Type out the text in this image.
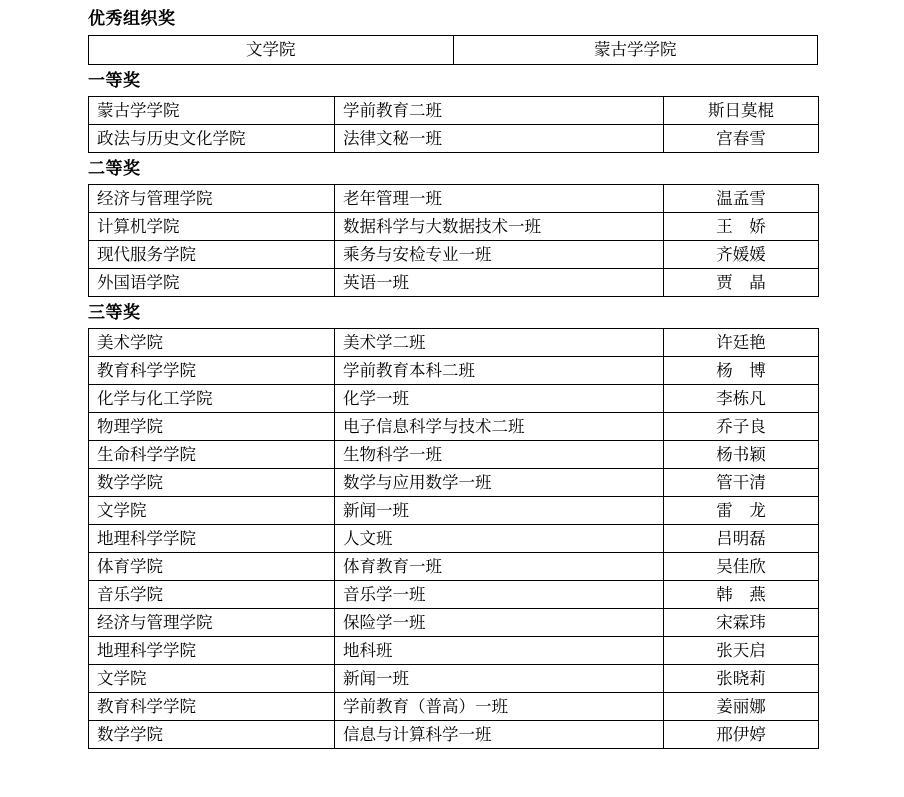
优秀组织奖
文学院	蒙古学学院
一等奖
蒙古学学院	学前教育二班	斯日莫棍
政法与历史文化学院	法律文秘一班	宫春雪
二等奖
经济与管理学院	老年管理一班	温孟雪
计算机学院	数据科学与大数据技术一班	王　娇
现代服务学院	乘务与安检专业一班	齐媛媛
外国语学院	英语一班	贾　晶
三等奖
美术学院	美术学二班	许廷艳
教育科学学院	学前教育本科二班	杨　博
化学与化工学院	化学一班	李栋凡
物理学院	电子信息科学与技术二班	乔子良
生命科学学院	生物科学一班	杨书颖
数学学院	数学与应用数学一班	管干清
文学院	新闻一班	雷　龙
地理科学学院	人文班	吕明磊
体育学院	体育教育一班	吴佳欣
音乐学院	音乐学一班	韩　燕
经济与管理学院	保险学一班	宋霖玮
地理科学学院	地科班	张天启
文学院	新闻一班	张晓莉
教育科学学院	学前教育（普高）一班	姜丽娜
数学学院	信息与计算科学一班	邢伊婷
